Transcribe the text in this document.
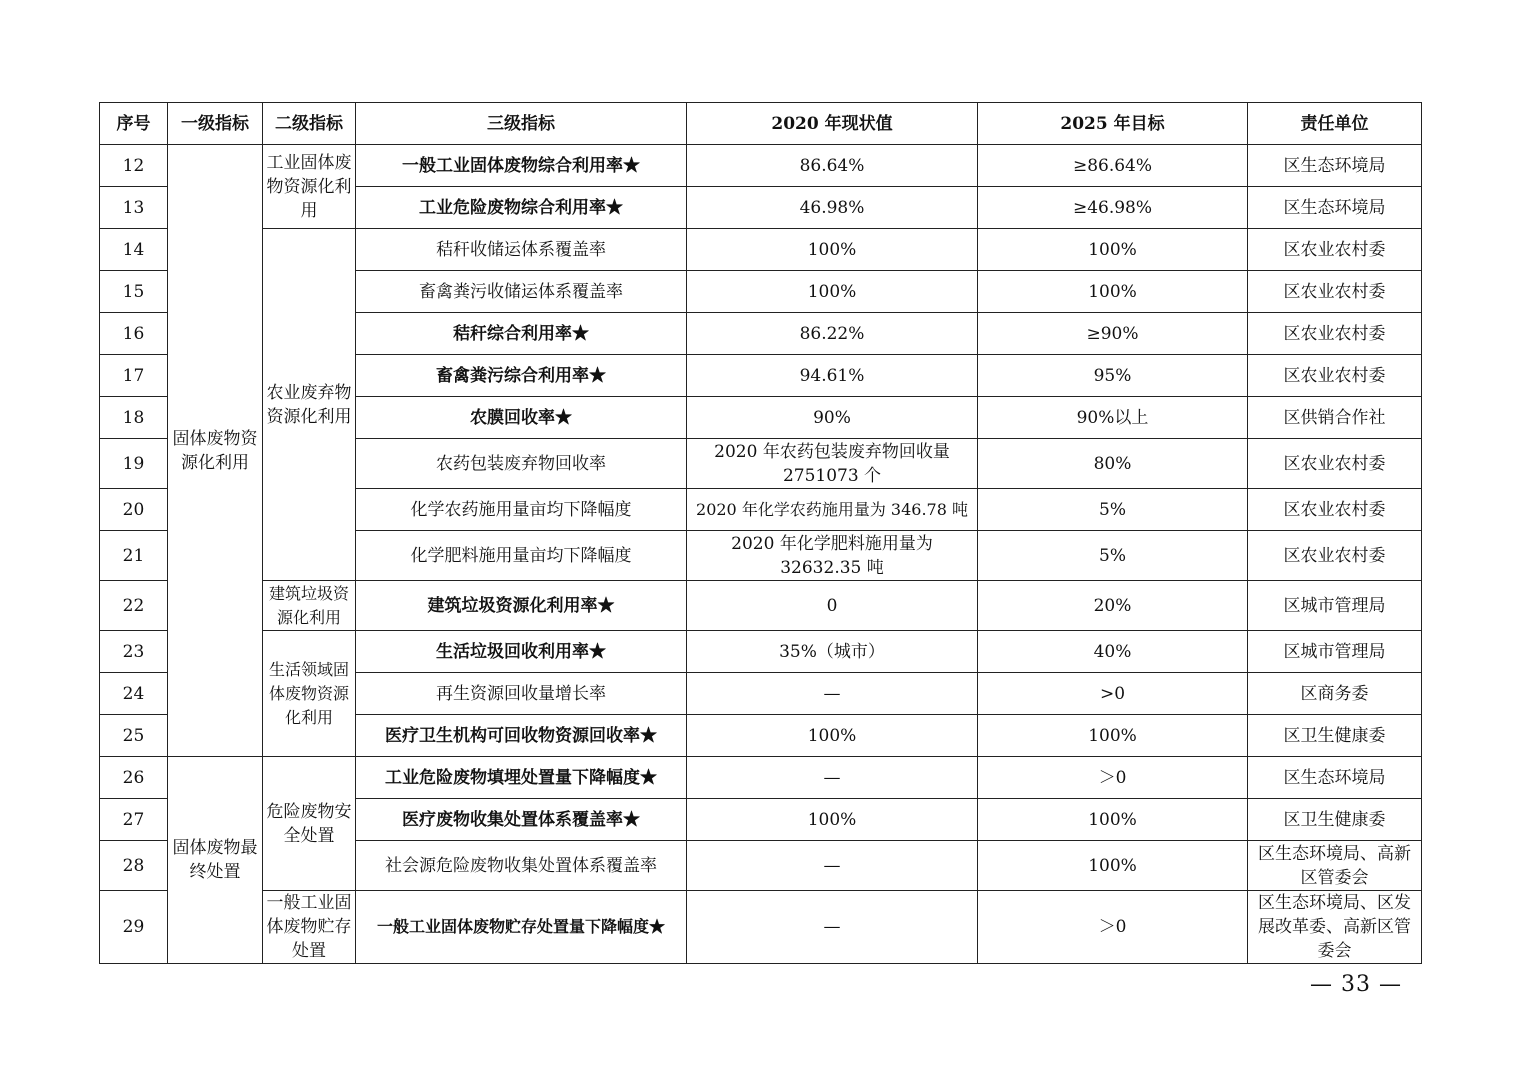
序号	一级指标	二级指标	三级指标	2020 年现状值	2025 年目标	责任单位
12	固体废物资源化利用	工业固体废物资源化利用	一般工业固体废物综合利用率★	86.64%	≥86.64%	区生态环境局
13			工业危险废物综合利用率★	46.98%	≥46.98%	区生态环境局
14		农业废弃物资源化利用	秸秆收储运体系覆盖率	100%	100%	区农业农村委
15			畜禽粪污收储运体系覆盖率	100%	100%	区农业农村委
16			秸秆综合利用率★	86.22%	≥90%	区农业农村委
17			畜禽粪污综合利用率★	94.61%	95%	区农业农村委
18			农膜回收率★	90%	90%以上	区供销合作社
19			农药包装废弃物回收率	2020 年农药包装废弃物回收量 2751073 个	80%	区农业农村委
20			化学农药施用量亩均下降幅度	2020 年化学农药施用量为 346.78 吨	5%	区农业农村委
21			化学肥料施用量亩均下降幅度	2020 年化学肥料施用量为 32632.35 吨	5%	区农业农村委
22		建筑垃圾资源化利用	建筑垃圾资源化利用率★	0	20%	区城市管理局
23		生活领域固体废物资源化利用	生活垃圾回收利用率★	35%（城市）	40%	区城市管理局
24			再生资源回收量增长率	—	>0	区商务委
25			医疗卫生机构可回收物资源回收率★	100%	100%	区卫生健康委
26	固体废物最终处置	危险废物安全处置	工业危险废物填埋处置量下降幅度★	—	＞0	区生态环境局
27			医疗废物收集处置体系覆盖率★	100%	100%	区卫生健康委
28			社会源危险废物收集处置体系覆盖率	—	100%	区生态环境局、高新区管委会
29		一般工业固体废物贮存处置	一般工业固体废物贮存处置量下降幅度★	—	＞0	区生态环境局、区发展改革委、高新区管委会
— 33 —
